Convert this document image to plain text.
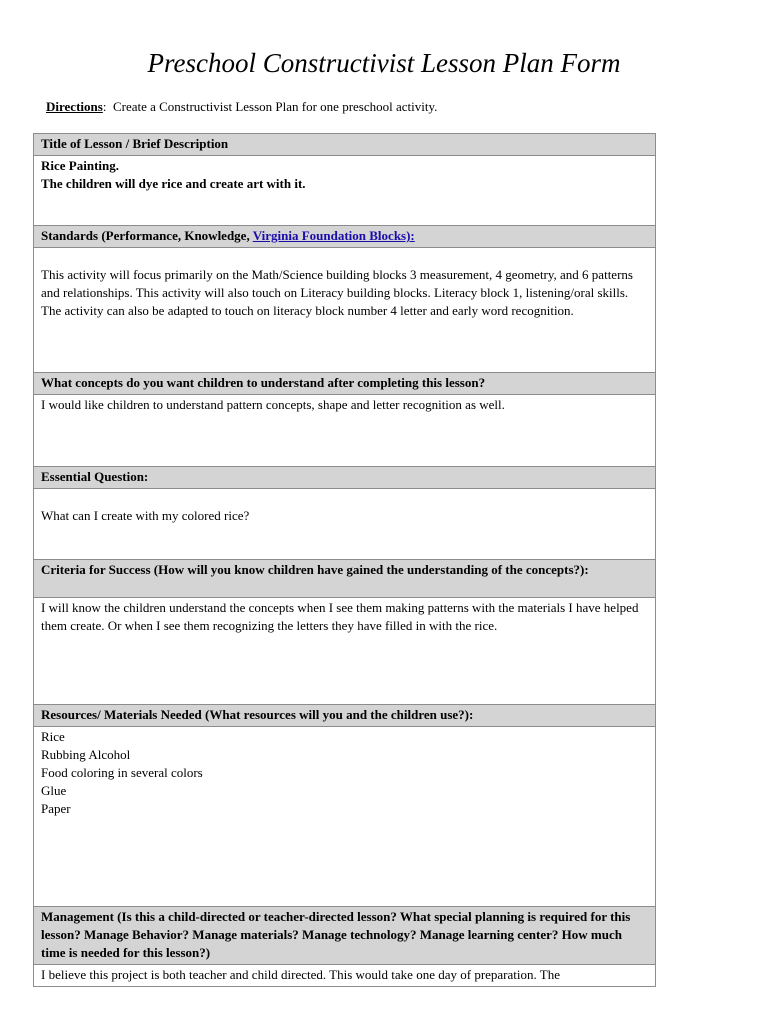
Preschool Constructivist Lesson Plan Form
Directions:  Create a Constructivist Lesson Plan for one preschool activity.
Title of Lesson / Brief Description

Rice Painting.
The children will dye rice and create art with it.

Standards (Performance, Knowledge, Virginia Foundation Blocks):
This activity will focus primarily on the Math/Science building blocks 3 measurement, 4 geometry, and 6 patterns and relationships. This activity will also touch on Literacy building blocks. Literacy block 1, listening/oral skills. The activity can also be adapted to touch on literacy block number 4 letter and early word recognition.
What concepts do you want children to understand after completing this lesson?
I would like children to understand pattern concepts, shape and letter recognition as well.
Essential Question:
What can I create with my colored rice?
Criteria for Success (How will you know children have gained the understanding of the concepts?):
I will know the children understand the concepts when I see them making patterns with the materials I have helped them create. Or when I see them recognizing the letters they have filled in with the rice.
Resources/ Materials Needed (What resources will you and the children use?):

Rice
Rubbing Alcohol
Food coloring in several colors
Glue
Paper

Management (Is this a child-directed or teacher-directed lesson? What special planning is required for this lesson? Manage Behavior? Manage materials? Manage technology? Manage learning center? How much time is needed for this lesson?)
I believe this project is both teacher and child directed. This would take one day of preparation. The
